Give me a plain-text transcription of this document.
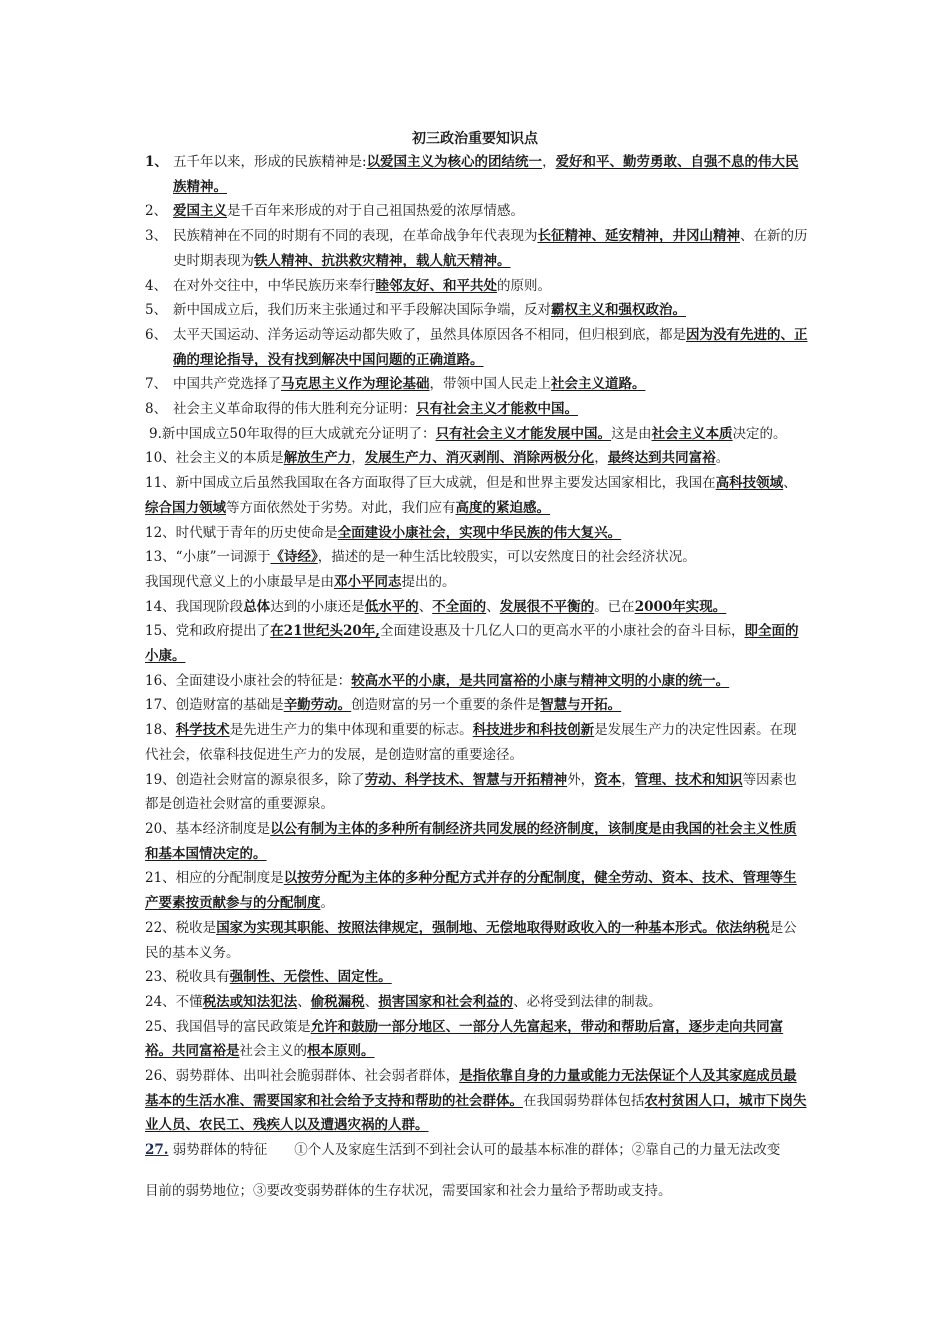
初三政治重要知识点
1、 五千年以来，形成的民族精神是:以爱国主义为核心的团结统一，爱好和平、勤劳勇敢、自强不息的伟大民族精神。
2、 爱国主义是千百年来形成的对于自己祖国热爱的浓厚情感。
3、 民族精神在不同的时期有不同的表现，在革命战争年代表现为长征精神、延安精神，井冈山精神、在新的历史时期表现为铁人精神、抗洪救灾精神，载人航天精神。
4、 在对外交往中，中华民族历来奉行睦邻友好、和平共处的原则。
5、 新中国成立后，我们历来主张通过和平手段解决国际争端，反对霸权主义和强权政治。
6、 太平天国运动、洋务运动等运动都失败了，虽然具体原因各不相同，但归根到底，都是因为没有先进的、正确的理论指导，没有找到解决中国问题的正确道路。
7、 中国共产党选择了马克思主义作为理论基础，带领中国人民走上社会主义道路。
8、 社会主义革命取得的伟大胜利充分证明：只有社会主义才能救中国。
9.新中国成立50年取得的巨大成就充分证明了：只有社会主义才能发展中国。这是由社会主义本质决定的。
10、社会主义的本质是解放生产力，发展生产力、消灭剥削、消除两极分化，最终达到共同富裕。
11、新中国成立后虽然我国取在各方面取得了巨大成就，但是和世界主要发达国家相比，我国在高科技领域、综合国力领域等方面依然处于劣势。对此，我们应有高度的紧迫感。
12、时代赋于青年的历史使命是全面建设小康社会，实现中华民族的伟大复兴。
13、“小康”一词源于《诗经》，描述的是一种生活比较殷实，可以安然度日的社会经济状况。
我国现代意义上的小康最早是由邓小平同志提出的。
14、我国现阶段总体达到的小康还是低水平的、不全面的、发展很不平衡的。已在2000年实现。
15、党和政府提出了在21世纪头20年,全面建设惠及十几亿人口的更高水平的小康社会的奋斗目标，即全面的小康。
16、全面建设小康社会的特征是：较高水平的小康，是共同富裕的小康与精神文明的小康的统一。
17、创造财富的基础是辛勤劳动。创造财富的另一个重要的条件是智慧与开拓。
18、科学技术是先进生产力的集中体现和重要的标志。科技进步和科技创新是发展生产力的决定性因素。在现代社会，依靠科技促进生产力的发展，是创造财富的重要途径。
19、创造社会财富的源泉很多，除了劳动、科学技术、智慧与开拓精神外，资本，管理、技术和知识等因素也都是创造社会财富的重要源泉。
20、基本经济制度是以公有制为主体的多种所有制经济共同发展的经济制度，该制度是由我国的社会主义性质和基本国情决定的。
21、相应的分配制度是以按劳分配为主体的多种分配方式并存的分配制度，健全劳动、资本、技术、管理等生产要素按贡献参与的分配制度。
22、税收是国家为实现其职能、按照法律规定，强制地、无偿地取得财政收入的一种基本形式。依法纳税是公民的基本义务。
23、税收具有强制性、无偿性、固定性。
24、不懂税法或知法犯法、偷税漏税、损害国家和社会利益的、必将受到法律的制裁。
25、我国倡导的富民政策是允许和鼓励一部分地区、一部分人先富起来，带动和帮助后富，逐步走向共同富裕。共同富裕是社会主义的根本原则。
26、弱势群体、出叫社会脆弱群体、社会弱者群体，是指依靠自身的力量或能力无法保证个人及其家庭成员最基本的生活水准、需要国家和社会给予支持和帮助的社会群体。在我国弱势群体包括农村贫困人口，城市下岗失业人员、农民工、残疾人以及遭遇灾祸的人群。
27. 弱势群体的特征　　①个人及家庭生活到不到社会认可的最基本标准的群体；②靠自己的力量无法改变
目前的弱势地位；③要改变弱势群体的生存状况，需要国家和社会力量给予帮助或支持。
